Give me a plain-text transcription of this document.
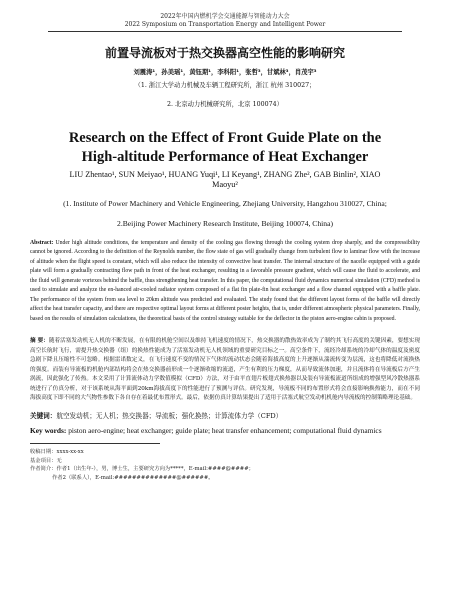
2022年中国内燃机学会交通能源与智能动力大会
2022 Symposium on Transportation Energy and Intelligent Power
前置导流板对于热交换器高空性能的影响研究
刘震涛¹，孙美瑶¹，黄钰期¹，李科阳¹，张哲³，甘斌林³，肖茂宇³
（1. 浙江大学动力机械及车辆工程研究所，浙江 杭州 310027；
2. 北京动力机械研究所，北京 100074）
Research on the Effect of Front Guide Plate on the
High-altitude Performance of Heat Exchanger
LIU Zhentao¹, SUN Meiyao¹, HUANG Yuqi¹, LI Keyang¹, ZHANG Zhe², GAB Binlin², XIAO Maoyu²
(1. Institute of Power Machinery and Vehicle Engineering, Zhejiang University, Hangzhou 310027, China;
2.Beijing Power Machinery Research Institute, Beijing 100074, China)
Abstract: Under high altitude conditions, the temperature and density of the cooling gas flowing through the cooling system drop sharply, and the compressibility cannot be ignored. According to the definition of the Reynolds number, the flow state of gas will gradually change from turbulent flow to laminar flow with the increase of altitude when the flight speed is constant, which will also reduce the intensity of convective heat transfer. The internal structure of the nacelle equipped with a guide plate will form a gradually contracting flow path in front of the heat exchanger, resulting in a favorable pressure gradient, which will cause the fluid to accelerate, and the fluid will generate vortexes behind the baffle, thus strengthening heat transfer. In this paper, the computational fluid dynamics numerical simulation (CFD) method is used to simulate and analyze the en-hanced air-cooled radiator system composed of a flat fin plate-fin heat exchanger and a flow channel equipped with a baffle plate. The performance of the system from sea level to 20km altitude was predicted and evaluated. The study found that the different layout forms of the baffle will directly affect the heat transfer capacity, and there are respective optimal layout forms at different poster heights, that is, under different atmospheric physical parameters. Finally, based on the results of simulation calculations, the theoretical basis of the control strategy suitable for the deflector in the piston aero-engine cabin is proposed.
摘 要：随着活塞发动机无人机的不断发展，在有限的机舱空间以及维持飞机速度的情况下，热交换器的散热效率成为了制约其飞行高度的关键因素，要想实现高空长航时飞行，需提升热交换器（组）的换热性能成为了活塞发动机无人机领域的重要研究目标之一。高空条件下，流经冷却系统的冷却气体的温度及密度急剧下降且压缩性不可忽略。根据雷诺数定义，在飞行速度不变的情况下气体的流动状态会随着海拔高度的上升逐渐从湍流转变为层流，这也将降低对流换热的强度。而装有导流板的机舱内部结构将会在热交换器前形成一个逐渐收缩的流道，产生有利的压力梯度，从而导致流体加速，并且流体将在导流板后方产生涡流，因此强化了传热。本文采用了计算流体动力学数值模拟（CFD）方法，对于由平直翅片板翅式换热器以及装有导流板流道所组成的增强型风冷散热器系统进行了仿真分析，对于该系统从海平面到20km海拔高度下的性能进行了预测与评估。研究发现，导流板不同的布置形式将会直接影响换热能力，而在不同海拔高度下即不同的大气物性参数下各自存在着最优布置形式。最后，依据仿真计算结果提出了适用于活塞式航空发动机机舱内导流板的控制策略理论基础。
关键词：航空发动机；无人机；热交换器；导流板；强化换热；计算流体力学（CFD）
Key words: piston aero-engine; heat exchanger; guide plate; heat transfer enhancement; computational fluid dynamics
收稿日期：xxxx-xx-xx
基金项目：无
作者简介：作者1（出生年-），男，博士生，主要研究方向为*****，E-mail:####@####；
作者2（联系人），E-mail:##############@######。
